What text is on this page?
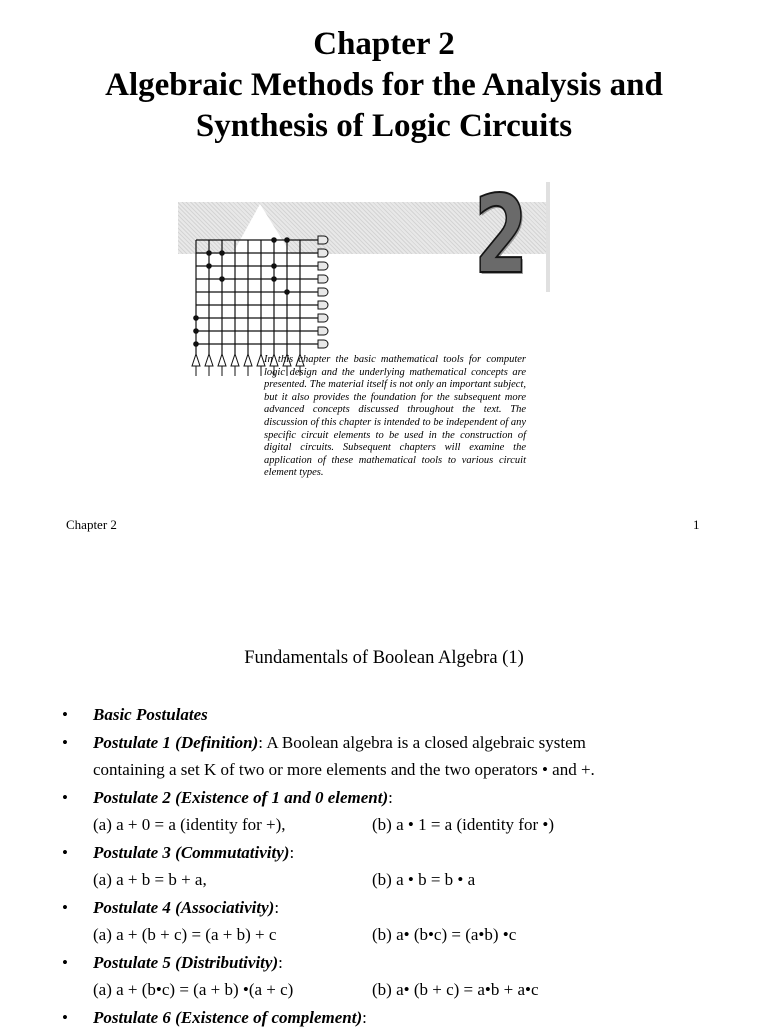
Chapter 2
Algebraic Methods for the Analysis and
Synthesis of Logic Circuits
2

In this chapter the basic mathematical tools for computer logic design and the underlying mathematical concepts are presented. The material itself is not only an important subject, but it also provides the foundation for the subsequent more advanced concepts discussed throughout the text. The discussion of this chapter is intended to be independent of any specific circuit elements to be used in the construction of digital circuits. Subsequent chapters will examine the application of these mathematical tools to various circuit element types.

Chapter 2	1
Fundamentals of Boolean Algebra (1)
• Basic Postulates
• Postulate 1 (Definition): A Boolean algebra is a closed algebraic system
containing a set K of two or more elements and the two operators • and +.
• Postulate 2 (Existence of 1 and 0 element):
(a) a + 0 = a (identity for +),	(b) a • 1 = a (identity for •)
• Postulate 3 (Commutativity):
(a) a + b = b + a,	(b) a • b = b • a
• Postulate 4 (Associativity):
(a) a + (b + c) = (a + b) + c	(b) a• (b•c) = (a•b) •c
• Postulate 5 (Distributivity):
(a) a + (b•c) = (a + b) •(a + c)	(b) a• (b + c) = a•b + a•c
• Postulate 6 (Existence of complement):
